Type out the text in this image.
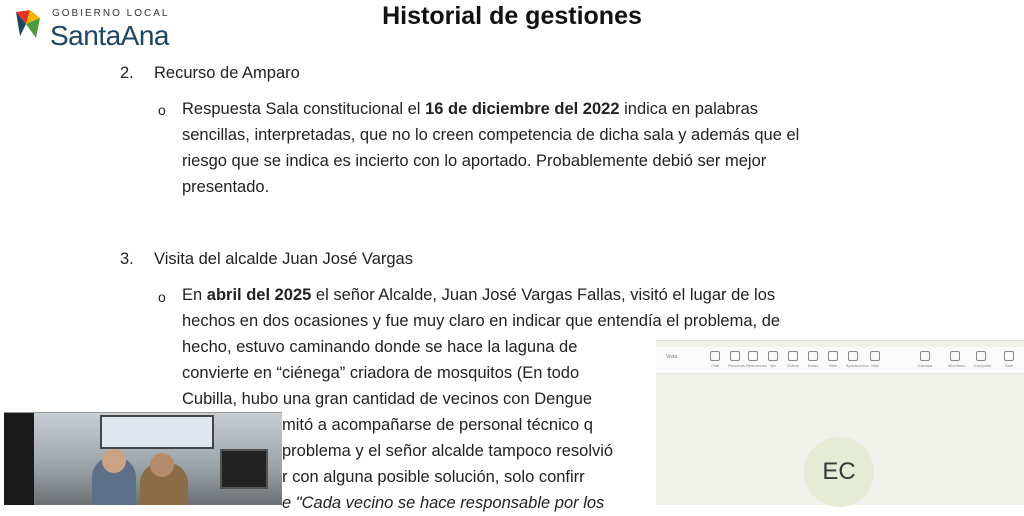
GOBIERNO LOCAL
SantaAna
Historial de gestiones
2. Recurso de Amparo
o Respuesta Sala constitucional el 16 de diciembre del 2022 indica en palabras
sencillas, interpretadas, que no lo creen competencia de dicha sala y además que el
riesgo que se indica es incierto con lo aportado. Probablemente debió ser mejor
presentado.
3. Visita del alcalde Juan José Vargas
o En abril del 2025 el señor Alcalde, Juan José Vargas Fallas, visitó el lugar de los
hechos en dos ocasiones y fue muy claro en indicar que entendía el problema, de
hecho, estuvo caminando donde se hace la laguna de
convierte en “ciénega” criadora de mosquitos (En todo
Cubilla, hubo una gran cantidad de vecinos con Dengue
mitó a acompañarse de personal técnico q
problema y el señor alcalde tampoco resolvió
r con alguna posible solución, solo confirr
e "Cada vecino se hace responsable por los
Vista
Chat	Personas Reacciones Ver	Grabar	Notas	Más	Aplicaciones Más	Cámara	Micrófono Compartir	Salir
EC
